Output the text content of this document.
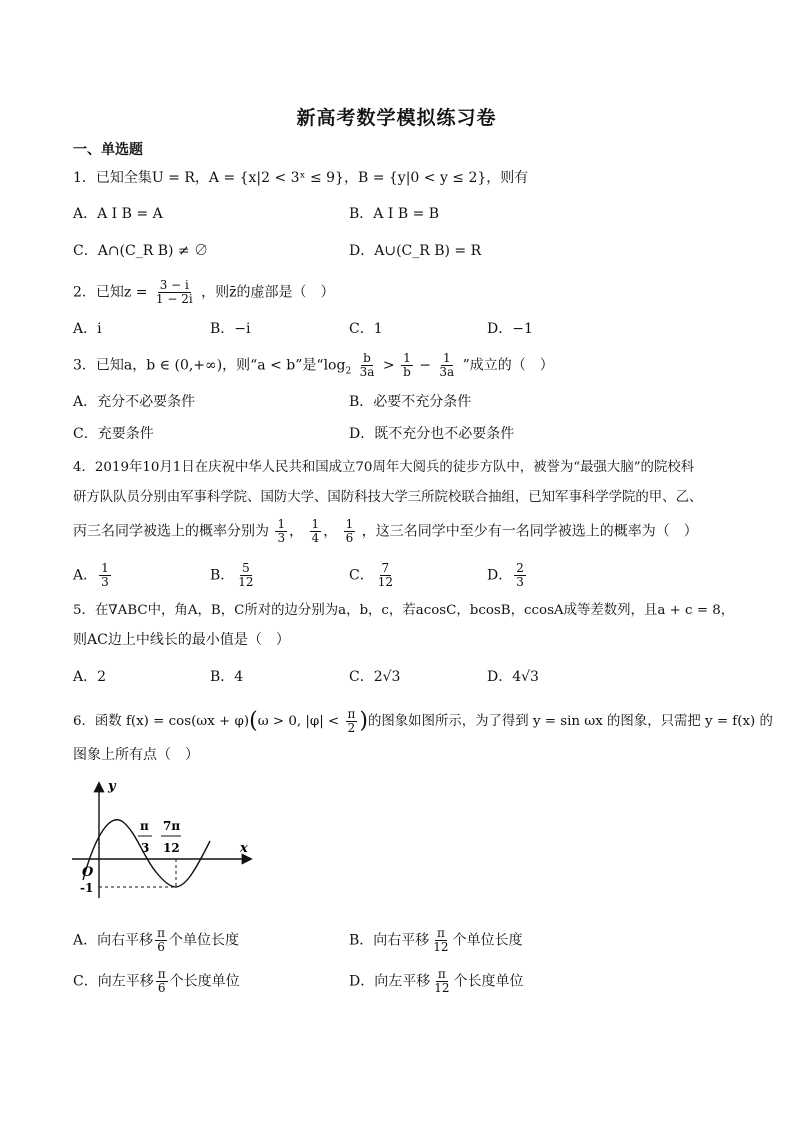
新高考数学模拟练习卷
一、单选题
1．已知全集U = R，A = {x|2 < 3ˣ ≤ 9}，B = {y|0 < y ≤ 2}，则有
A．A I B = A	B．A I B = B
C．A∩(C_R B) ≠ ∅	D．A∪(C_R B) = R
2．已知$z = \frac{3 - i}{1 - 2i}$ ，则z̄的虚部是（　）
A．i	B．−i	C．1	D．−1
3．已知a，b ∈ (0,+∞)，则“a < b”是“$\log_2 \frac{b}{3a} > \frac{1}{b} - \frac{1}{3a}$ ”成立的（　）
A．充分不必要条件	B．必要不充分条件
C．充要条件	D．既不充分也不必要条件
4．2019年10月1日在庆祝中华人民共和国成立70周年大阅兵的徒步方队中，被誉为“最强大脑”的院校科
研方队队员分别由军事科学院、国防大学、国防科技大学三所院校联合抽组，已知军事科学学院的甲、乙、
丙三名同学被选上的概率分别为 $\frac{1}{3}$ ， $\frac{1}{4}$ ， $\frac{1}{6}$ ，这三名同学中至少有一名同学被选上的概率为（　）
A． $\frac{1}{3}$	B． $\frac{5}{12}$	C． $\frac{7}{12}$	D． $\frac{2}{3}$
5．在∇ABC中，角A，B，C所对的边分别为a，b，c，若acosC，bcosB，ccosA成等差数列，且a + c = 8，
则AC边上中线长的最小值是（　）
A．2	B．4	C．2√3	D．4√3
6．函数 f(x) = cos(ωx + φ)(ω > 0, $|\varphi| < \frac{\pi}{2}$ )的图象如图所示，为了得到 y = sin ωx 的图象，只需把 y = f(x) 的
图象上所有点（　）
y
x
O
-1
π
3
7π
12
A．向右平移 $\frac{\pi}{6}$ 个单位长度	B．向右平移 $\frac{\pi}{12}$ 个单位长度
C．向左平移 $\frac{\pi}{6}$ 个长度单位	D．向左平移 $\frac{\pi}{12}$ 个长度单位
